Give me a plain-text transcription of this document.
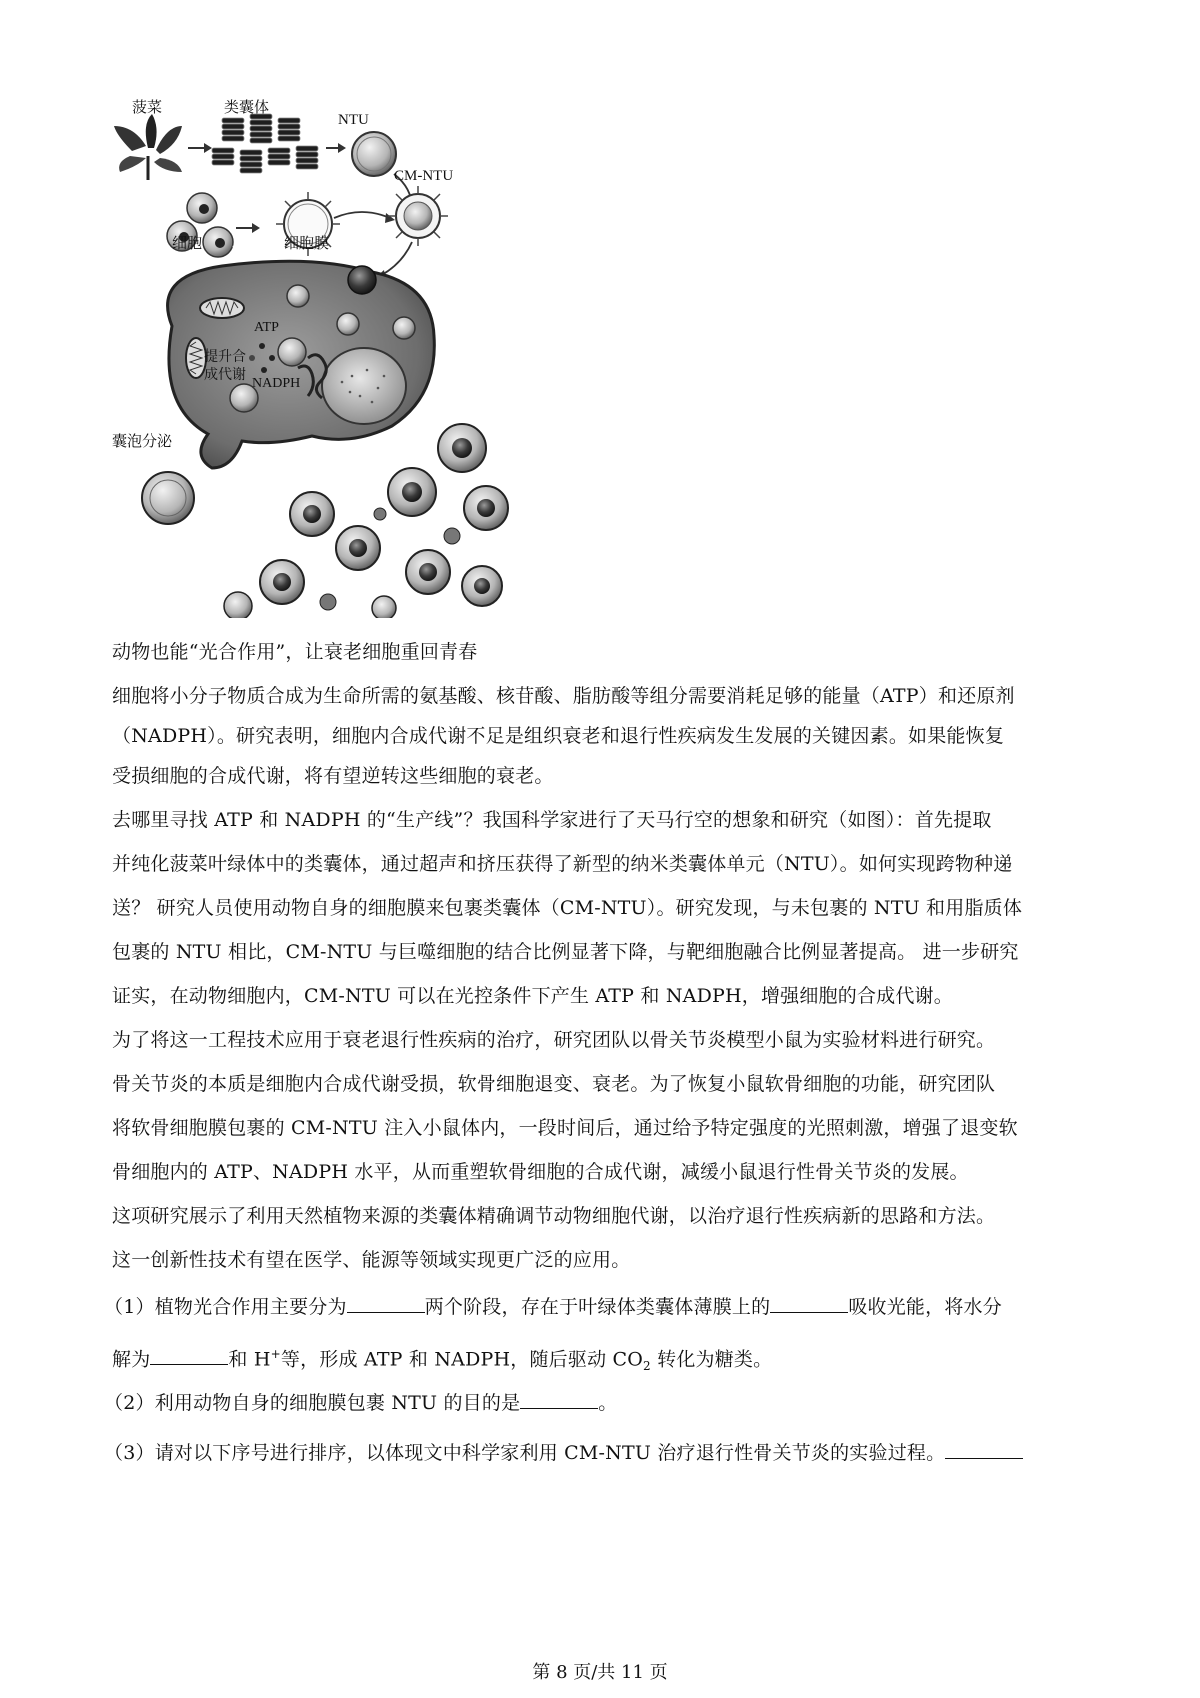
菠菜	类囊体
NTU
CM-NTU
细胞	细胞膜
ATP
提升合
成代谢
NADPH
囊泡分泌
动物也能“光合作用”，让衰老细胞重回青春
细胞将小分子物质合成为生命所需的氨基酸、核苷酸、脂肪酸等组分需要消耗足够的能量（ATP）和还原剂
（NADPH）。研究表明，细胞内合成代谢不足是组织衰老和退行性疾病发生发展的关键因素。如果能恢复
受损细胞的合成代谢，将有望逆转这些细胞的衰老。
去哪里寻找 ATP 和 NADPH 的“生产线”？我国科学家进行了天马行空的想象和研究（如图）：首先提取
并纯化菠菜叶绿体中的类囊体，通过超声和挤压获得了新型的纳米类囊体单元（NTU）。如何实现跨物种递
送？ 研究人员使用动物自身的细胞膜来包裹类囊体（CM-NTU）。研究发现，与未包裹的 NTU 和用脂质体
包裹的 NTU 相比，CM-NTU 与巨噬细胞的结合比例显著下降，与靶细胞融合比例显著提高。 进一步研究
证实，在动物细胞内，CM-NTU 可以在光控条件下产生 ATP 和 NADPH，增强细胞的合成代谢。
为了将这一工程技术应用于衰老退行性疾病的治疗，研究团队以骨关节炎模型小鼠为实验材料进行研究。
骨关节炎的本质是细胞内合成代谢受损，软骨细胞退变、衰老。为了恢复小鼠软骨细胞的功能，研究团队
将软骨细胞膜包裹的 CM-NTU 注入小鼠体内，一段时间后，通过给予特定强度的光照刺激，增强了退变软
骨细胞内的 ATP、NADPH 水平，从而重塑软骨细胞的合成代谢，减缓小鼠退行性骨关节炎的发展。
这项研究展示了利用天然植物来源的类囊体精确调节动物细胞代谢，以治疗退行性疾病新的思路和方法。
这一创新性技术有望在医学、能源等领域实现更广泛的应用。
（1）植物光合作用主要分为	两个阶段，存在于叶绿体类囊体薄膜上的	吸收光能，将水分
解为	和 H+等，形成 ATP 和 NADPH，随后驱动 $CO_2$ 转化为糖类。
（2）利用动物自身的细胞膜包裹 NTU 的目的是	。
（3）请对以下序号进行排序，以体现文中科学家利用 CM-NTU 治疗退行性骨关节炎的实验过程。
第 8 页/共 11 页
